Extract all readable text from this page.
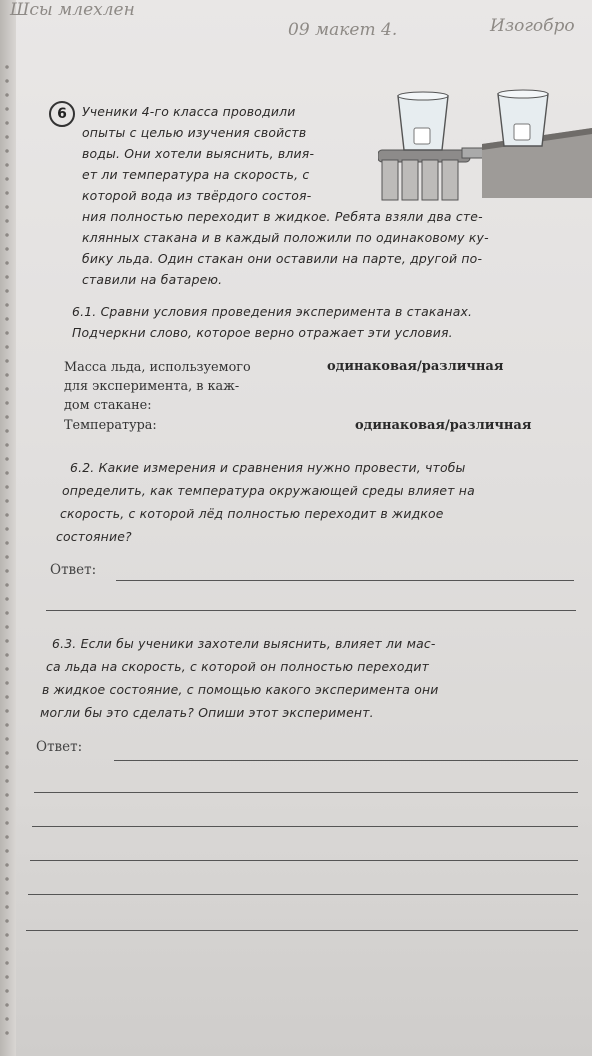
Шсы млехлен
09 макет 4.	Изогобро
6	Ученики 4-го класса проводили
опыты с целью изучения свойств
воды. Они хотели выяснить, влия-
ет ли температура на скорость, с
которой вода из твёрдого состоя-
ния полностью переходит в жидкое. Ребята взяли два сте-
клянных стакана и в каждый положили по одинаковому ку-
бику льда. Один стакан они оставили на парте, другой по-
ставили на батарею.
6.1. Сравни условия проведения эксперимента в стаканах.
Подчеркни слово, которое верно отражает эти условия.
Масса льда, используемого
для эксперимента, в каж-
дом стакане:
одинаковая/различная
Температура:	одинаковая/различная
6.2. Какие измерения и сравнения нужно провести, чтобы
определить, как температура окружающей среды влияет на
скорость, с которой лёд полностью переходит в жидкое
состояние?
Ответ:
6.3. Если бы ученики захотели выяснить, влияет ли мас-
са льда на скорость, с которой он полностью переходит
в жидкое состояние, с помощью какого эксперимента они
могли бы это сделать? Опиши этот эксперимент.
Ответ:
